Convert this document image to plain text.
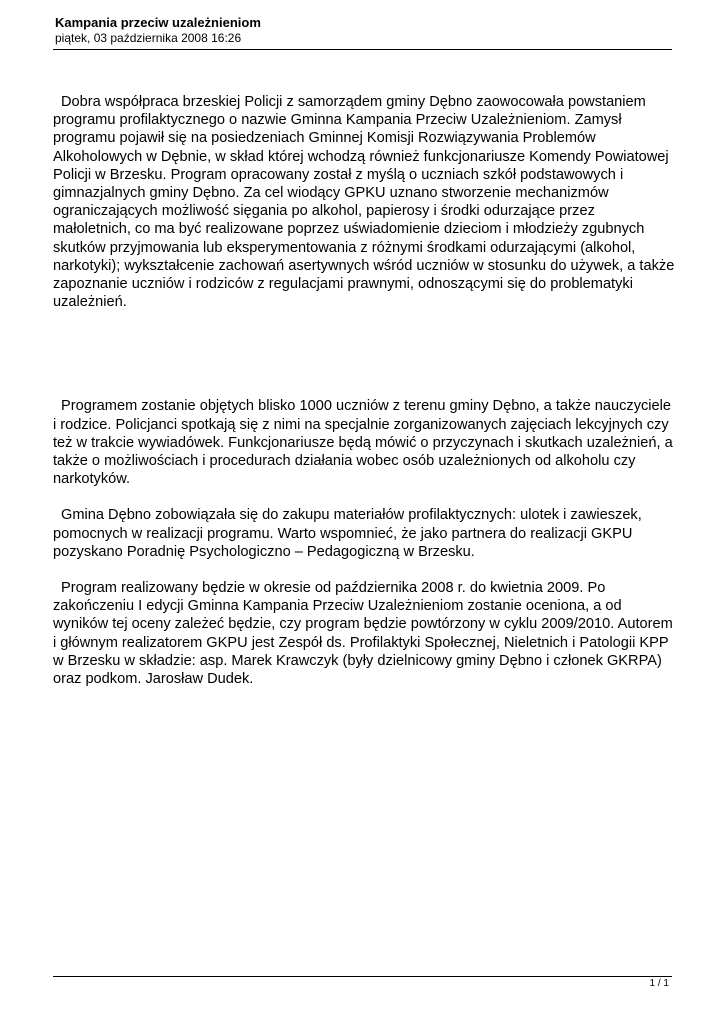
Kampania przeciw uzależnieniom

piątek, 03 października 2008 16:26

Dobra współpraca brzeskiej Policji z samorządem gminy Dębno zaowocowała powstaniem programu profilaktycznego o nazwie Gminna Kampania Przeciw Uzależnieniom. Zamysł programu pojawił się na posiedzeniach Gminnej Komisji Rozwiązywania Problemów Alkoholowych w Dębnie, w skład której wchodzą również funkcjonariusze Komendy Powiatowej Policji w Brzesku. Program opracowany został z myślą o uczniach szkół podstawowych i gimnazjalnych gminy Dębno. Za cel wiodący GPKU uznano stworzenie mechanizmów ograniczających możliwość sięgania po alkohol, papierosy i środki odurzające przez małoletnich, co ma być realizowane poprzez uświadomienie dzieciom i młodzieży zgubnych skutków przyjmowania lub eksperymentowania z różnymi środkami odurzającymi (alkohol, narkotyki); wykształcenie zachowań asertywnych wśród uczniów w stosunku do używek, a także zapoznanie uczniów i rodziców z regulacjami prawnymi, odnoszącymi się do problematyki uzależnień.

Programem zostanie objętych blisko 1000 uczniów z terenu gminy Dębno, a także nauczyciele i rodzice. Policjanci spotkają się z nimi na specjalnie zorganizowanych zajęciach lekcyjnych czy też w trakcie wywiadówek. Funkcjonariusze będą mówić o przyczynach i skutkach uzależnień, a także o możliwościach i procedurach działania wobec osób uzależnionych od alkoholu czy narkotyków.

Gmina Dębno zobowiązała się do zakupu materiałów profilaktycznych: ulotek i zawieszek, pomocnych w realizacji programu. Warto wspomnieć, że jako partnera do realizacji GKPU pozyskano Poradnię Psychologiczno – Pedagogiczną w Brzesku.

Program realizowany będzie w okresie od października 2008 r. do kwietnia 2009. Po zakończeniu I edycji Gminna Kampania Przeciw Uzależnieniom zostanie oceniona, a od wyników tej oceny zależeć będzie, czy program będzie powtórzony w cyklu 2009/2010. Autorem i głównym realizatorem GKPU jest Zespół ds. Profilaktyki Społecznej, Nieletnich i Patologii KPP w Brzesku w składzie: asp. Marek Krawczyk (były dzielnicowy gminy Dębno i członek GKRPA) oraz podkom. Jarosław Dudek.

1 / 1
